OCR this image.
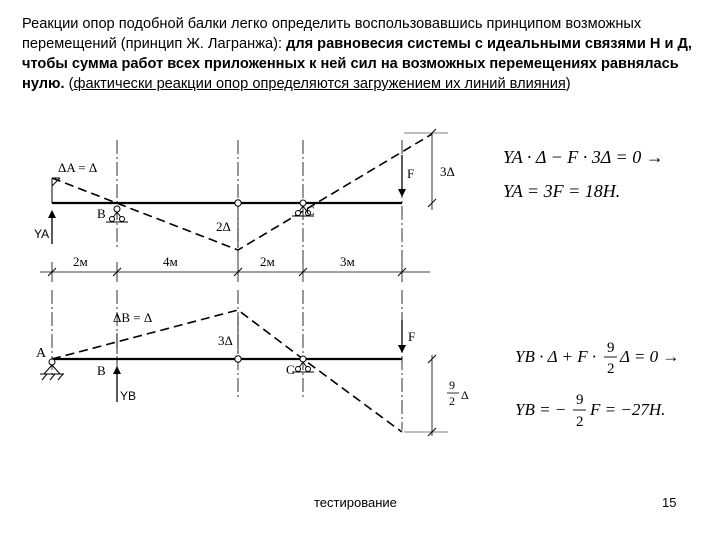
Реакции опор подобной балки легко определить воспользовавшись принципом возможных перемещений (принцип Ж. Лагранжа): для равновесия системы с идеальными связями Н и Д, чтобы сумма работ всех приложенных к ней сил на возможных перемещениях равнялась нулю. (фактически реакции опор определяются загружением их линий влияния)

ΔA = Δ
B	C
F
2Δ
3Δ
YA
2м	4м	2м	3м
ΔB = Δ
A
B	C
F
3Δ
9
2 Δ
YB
YA · Δ − F · 3Δ = 0 →
YA = 3F = 18H.
YB · Δ + F · 9
2
Δ = 0 →
YB = − 9
2
F = −27H.
тестирование	15
